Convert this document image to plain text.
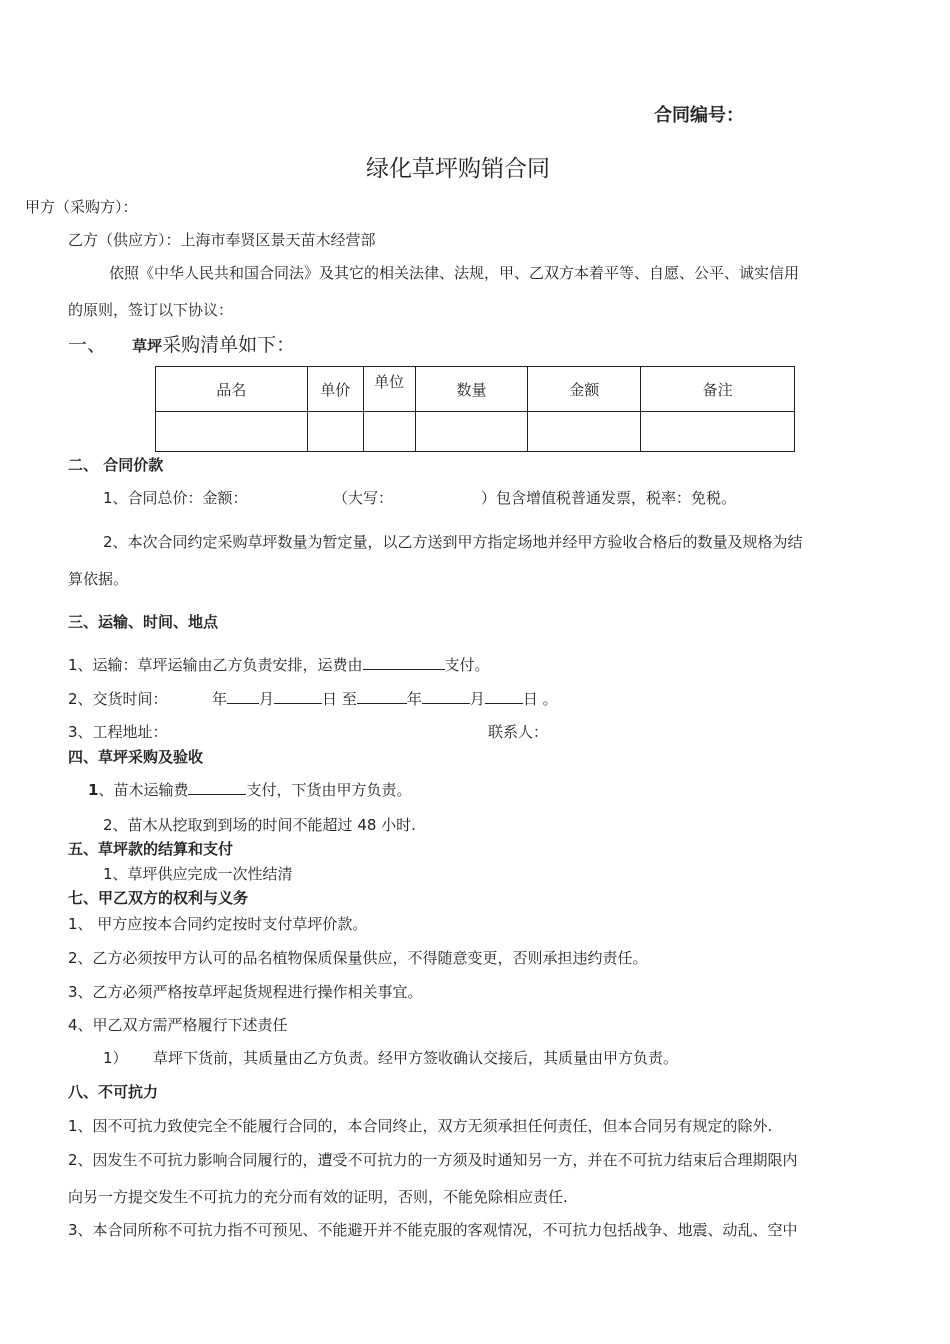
合同编号：
绿化草坪购销合同
甲方（采购方）：
乙方（供应方）：上海市奉贤区景天苗木经营部
依照《中华人民共和国合同法》及其它的相关法律、法规，甲、乙双方本着平等、自愿、公平、诚实信用
的原则，签订以下协议：
一、 草坪采购清单如下：
品名	单价	单位	数量	金额	备注

二、 合同价款
1、合同总价：金额：	（大写：	）包含增值税普通发票，税率：免税。
2、本次合同约定采购草坪数量为暂定量，以乙方送到甲方指定场地并经甲方验收合格后的数量及规格为结
算依据。
三、运输、时间、地点
1、运输：草坪运输由乙方负责安排，运费由	支付。
2、交货时间：	年 月	日 至	年	月	日 。
3、工程地址：	联系人：
四、草坪采购及验收
1、苗木运输费	支付，下货由甲方负责。
2、苗木从挖取到到场的时间不能超过 48 小时.
五、草坪款的结算和支付
1、草坪供应完成一次性结清
七、甲乙双方的权利与义务
1、 甲方应按本合同约定按时支付草坪价款。
2、乙方必须按甲方认可的品名植物保质保量供应，不得随意变更，否则承担违约责任。
3、乙方必须严格按草坪起货规程进行操作相关事宜。
4、甲乙双方需严格履行下述责任
1） 草坪下货前，其质量由乙方负责。经甲方签收确认交接后，其质量由甲方负责。
八、不可抗力
1、因不可抗力致使完全不能履行合同的，本合同终止，双方无须承担任何责任，但本合同另有规定的除外.
2、因发生不可抗力影响合同履行的，遭受不可抗力的一方须及时通知另一方，并在不可抗力结束后合理期限内
向另一方提交发生不可抗力的充分而有效的证明，否则，不能免除相应责任.
3、本合同所称不可抗力指不可预见、不能避开并不能克服的客观情况，不可抗力包括战争、地震、动乱、空中
